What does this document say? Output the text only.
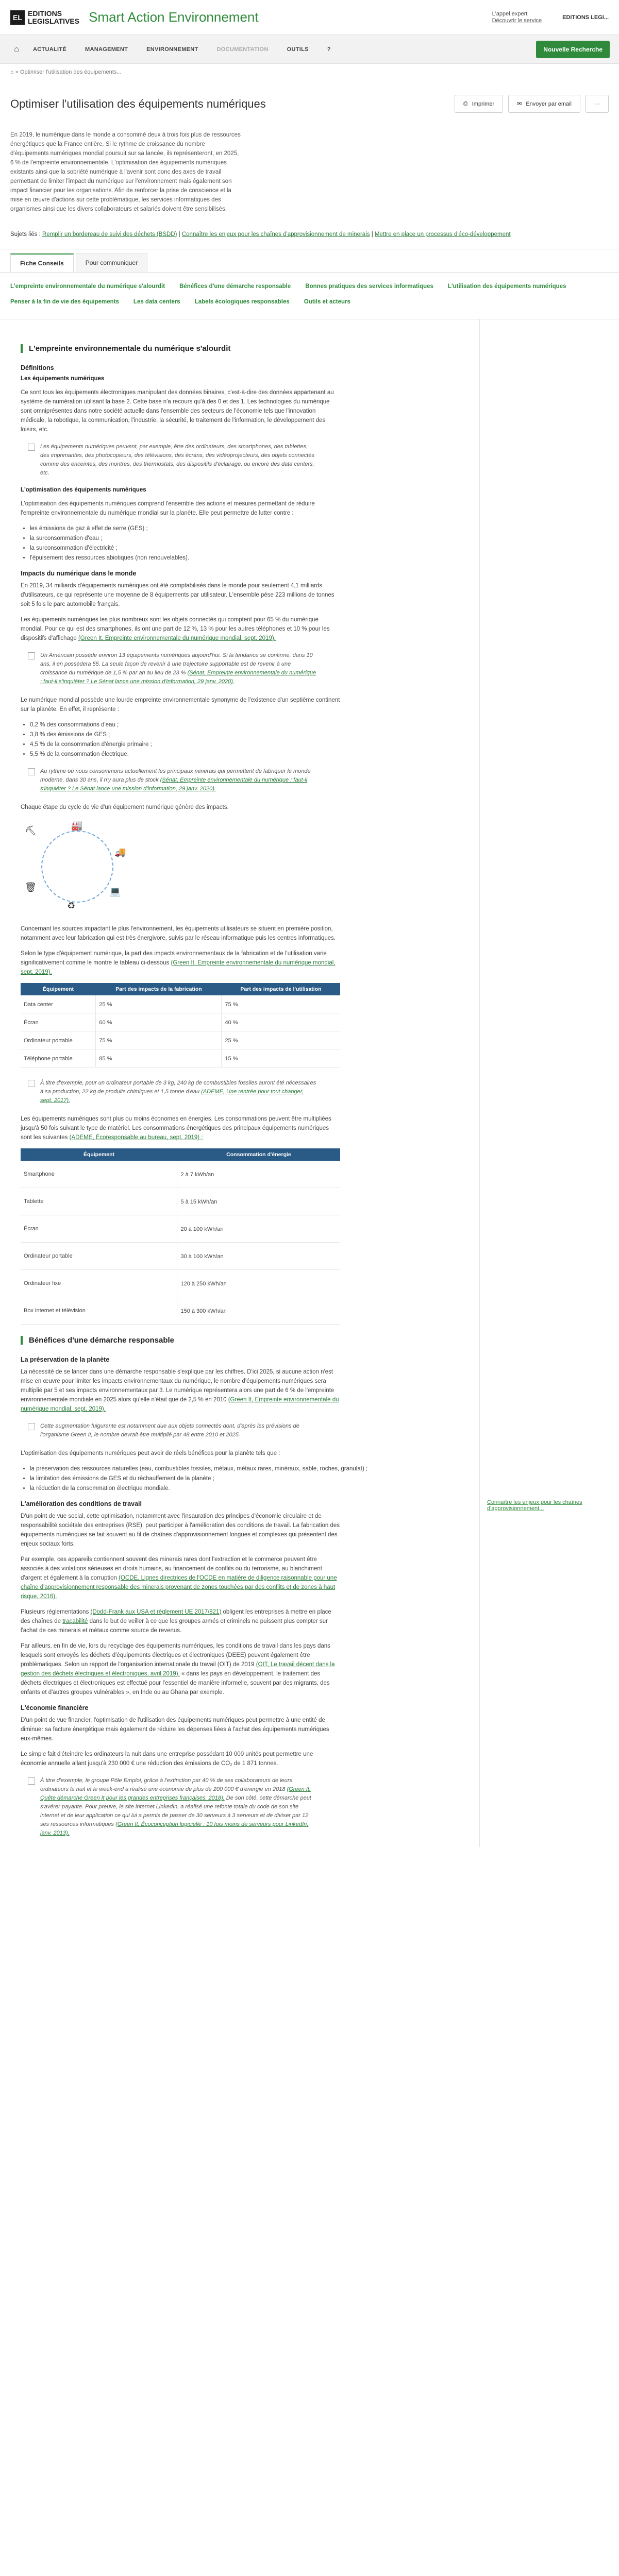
EL EDITIONS
LEGISLATIVES Smart Action Environnement	L'appel expert
Découvrir le service	EDITIONS LEGI...
⌂	ACTUALITÉ	MANAGEMENT	ENVIRONNEMENT	DOCUMENTATION	OUTILS	?	Nouvelle Recherche
⌂ » Optimiser l'utilisation des équipements...
Optimiser l'utilisation des équipements numériques	⎙ Imprimer	✉ Envoyer par email	···
En 2019, le numérique dans le monde a consommé deux à trois fois plus de ressources énergétiques que la France entière. Si le rythme de croissance du nombre d'équipements numériques mondial poursuit sur sa lancée, ils représenteront, en 2025, 6 % de l'empreinte environnementale. L'optimisation des équipements numériques existants ainsi que la sobriété numérique à l'avenir sont donc des axes de travail permettant de limiter l'impact du numérique sur l'environnement mais également son impact financier pour les organisations. Afin de renforcer la prise de conscience et la mise en œuvre d'actions sur cette problématique, les services informatiques des organismes ainsi que les divers collaborateurs et salariés doivent être sensibilisés.
Sujets liés : Remplir un bordereau de suivi des déchets (BSDD) | Connaître les enjeux pour les chaînes d'approvisionnement de minerais | Mettre en place un processus d'éco-développement
Fiche Conseils	Pour communiquer
L'empreinte environnementale du numérique s'alourdit Bénéfices d'une démarche responsable Bonnes pratiques des services informatiques L'utilisation des équipements numériques
Penser à la fin de vie des équipements Les data centers Labels écologiques responsables Outils et acteurs
L'empreinte environnementale du numérique s'alourdit
Définitions
Les équipements numériques

Ce sont tous les équipements électroniques manipulant des données binaires, c'est-à-dire des données appartenant au système de numération utilisant la base 2. Cette base n'a recours qu'à des 0 et des 1. Les technologies du numérique sont omniprésentes dans notre société actuelle dans l'ensemble des secteurs de l'économie tels que l'innovation médicale, la robotique, la communication, l'industrie, la sécurité, le traitement de l'information, le développement des loisirs, etc.

Les équipements numériques peuvent, par exemple, être des ordinateurs, des smartphones, des tablettes, des imprimantes, des photocopieurs, des télévisions, des écrans, des vidéoprojecteurs, des objets connectés comme des enceintes, des montres, des thermostats, des dispositifs d'éclairage, ou encore des data centers, etc.
L'optimisation des équipements numériques

L'optimisation des équipements numériques comprend l'ensemble des actions et mesures permettant de réduire l'empreinte environnementale du numérique mondial sur la planète. Elle peut permettre de lutter contre :

• les émissions de gaz à effet de serre (GES) ;
• la surconsommation d'eau ;
• la surconsommation d'électricité ;
• l'épuisement des ressources abiotiques (non renouvelables).
Impacts du numérique dans le monde

En 2019, 34 milliards d'équipements numériques ont été comptabilisés dans le monde pour seulement 4,1 milliards d'utilisateurs, ce qui représente une moyenne de 8 équipements par utilisateur. L'ensemble pèse 223 millions de tonnes soit 5 fois le parc automobile français.

Les équipements numériques les plus nombreux sont les objets connectés qui comptent pour 65 % du numérique mondial. Pour ce qui est des smartphones, ils ont une part de 12 %, 13 % pour les autres téléphones et 10 % pour les dispositifs d'affichage (Green It, Empreinte environnementale du numérique mondial, sept. 2019).

Un Américain possède environ 13 équipements numériques aujourd'hui. Si la tendance se confirme, dans 10 ans, il en possèdera 55. La seule façon de revenir à une trajectoire supportable est de revenir à une croissance du numérique de 1,5 % par an au lieu de 23 % (Sénat, Empreinte environnementale du numérique : faut-il s'inquiéter ? Le Sénat lance une mission d'information, 29 janv. 2020).

Le numérique mondial possède une lourde empreinte environnementale synonyme de l'existence d'un septième continent sur la planète. En effet, il représente :

• 0,2 % des consommations d'eau ;
• 3,8 % des émissions de GES ;
• 4,5 % de la consommation d'énergie primaire ;
• 5,5 % de la consommation électrique.
Au rythme où nous consommons actuellement les principaux minerais qui permettent de fabriquer le monde moderne, dans 30 ans, il n'y aura plus de stock (Sénat, Empreinte environnementale du numérique : faut-il s'inquiéter ? Le Sénat lance une mission d'information, 29 janv. 2020).

Chaque étape du cycle de vie d'un équipement numérique génère des impacts.

⛏	🏭
🚚
💻
♻
🗑

Concernant les sources impactant le plus l'environnement, les équipements utilisateurs se situent en première position, notamment avec leur fabrication qui est très énergivore, suivis par le réseau informatique puis les centres informatiques.

Selon le type d'équipement numérique, la part des impacts environnementaux de la fabrication et de l'utilisation varie significativement comme le montre le tableau ci-dessous (Green It, Empreinte environnementale du numérique mondial, sept. 2019).

Équipement	Part des impacts de la fabrication	Part des impacts de l'utilisation
Data center	25 %	75 %
Écran	60 %	40 %
Ordinateur portable	75 %	25 %
Téléphone portable	85 %	15 %
À titre d'exemple, pour un ordinateur portable de 3 kg, 240 kg de combustibles fossiles auront été nécessaires à sa production, 22 kg de produits chimiques et 1,5 tonne d'eau (ADEME, Une rentrée pour tout changer, sept. 2017).

Les équipements numériques sont plus ou moins économes en énergies. Les consommations peuvent être multipliées jusqu'à 50 fois suivant le type de matériel. Les consommations énergétiques des principaux équipements numériques sont les suivantes (ADEME, Écoresponsable au bureau, sept. 2019) :

Équipement	Consommation d'énergie
Smartphone	2 à 7 kWh/an
Tablette	5 à 15 kWh/an
Écran	20 à 100 kWh/an
Ordinateur portable	30 à 100 kWh/an
Ordinateur fixe	120 à 250 kWh/an
Box internet et télévision	150 à 300 kWh/an
Bénéfices d'une démarche responsable
La préservation de la planète

La nécessité de se lancer dans une démarche responsable s'explique par les chiffres. D'ici 2025, si aucune action n'est mise en œuvre pour limiter les impacts environnementaux du numérique, le nombre d'équipements numériques sera multiplié par 5 et ses impacts environnementaux par 3. Le numérique représentera alors une part de 6 % de l'empreinte environnementale mondiale en 2025 alors qu'elle n'était que de 2,5 % en 2010 (Green It, Empreinte environnementale du numérique mondial, sept. 2019).

Cette augmentation fulgurante est notamment due aux objets connectés dont, d'après les prévisions de l'organisme Green It, le nombre devrait être multiplié par 48 entre 2010 et 2025.

L'optimisation des équipements numériques peut avoir de réels bénéfices pour la planète tels que :

• la préservation des ressources naturelles (eau, combustibles fossiles, métaux, métaux rares, minéraux, sable, roches, granulat) ;
• la limitation des émissions de GES et du réchauffement de la planète ;
• la réduction de la consommation électrique mondiale.
L'amélioration des conditions de travail

D'un point de vue social, cette optimisation, notamment avec l'insauration des principes d'économie circulaire et de responsabilité sociétale des entreprises (RSE), peut participer à l'amélioration des conditions de travail. La fabrication des équipements numériques se fait souvent au fil de chaînes d'approvisionnement longues et complexes qui présentent des enjeux sociaux forts.

Par exemple, ces appareils contiennent souvent des minerais rares dont l'extraction et le commerce peuvent être associés à des violations sérieuses en droits humains, au financement de conflits ou du terrorisme, au blanchiment d'argent et également à la corruption (OCDE, Lignes directrices de l'OCDE en matière de diligence raisonnable pour une chaîne d'approvisionnement responsable des minerais provenant de zones touchées par des conflits et de zones à haut risque, 2016).

Plusieurs réglementations (Dodd-Frank aux USA et règlement UE 2017/821) obligent les entreprises à mettre en place des chaînes de traçabilité dans le but de veiller à ce que les groupes armés et criminels ne puissent plus compter sur l'achat de ces minerais et métaux comme source de revenus.

Par ailleurs, en fin de vie, lors du recyclage des équipements numériques, les conditions de travail dans les pays dans lesquels sont envoyés les déchets d'équipements électriques et électroniques (DEEE) peuvent également être problématiques. Selon un rapport de l'organisation internationale du travail (OIT) de 2019 (OIT, Le travail décent dans la gestion des déchets électriques et électroniques, avril 2019), « dans les pays en développement, le traitement des déchets électriques et électroniques est effectué pour l'essentiel de manière informelle, souvent par des migrants, des enfants et d'autres groupes vulnérables », en Inde ou au Ghana par exemple.

L'économie financière

D'un point de vue financier, l'optimisation de l'utilisation des équipements numériques peut permettre à une entité de diminuer sa facture énergétique mais également de réduire les dépenses liées à l'achat des équipements numériques eux-mêmes.

Le simple fait d'éteindre les ordinateurs la nuit dans une entreprise possédant 10 000 unités peut permettre une économie annuelle allant jusqu'à 230 000 € une réduction des émissions de CO₂ de 1 871 tonnes.

À titre d'exemple, le groupe Pôle Emploi, grâce à l'extinction par 40 % de ses collaborateurs de leurs ordinateurs la nuit et le week-end a réalisé une économie de plus de 200 000 € d'énergie en 2018 (Green It, Quête démarche Green It pour les grandes entreprises françaises, 2018). De son côté, cette démarche peut s'avérer payante. Pour preuve, le site internet LinkedIn, a réalisé une refonte totale du code de son site internet et de leur application ce qui lui a permis de passer de 30 serveurs à 3 serveurs et de diviser par 12 ses ressources informatiques (Green It, Écoconception logicielle : 10 fois moins de serveurs pour LinkedIn, janv. 2013).
Connaître les enjeux pour les chaînes d'approvisionnement...
